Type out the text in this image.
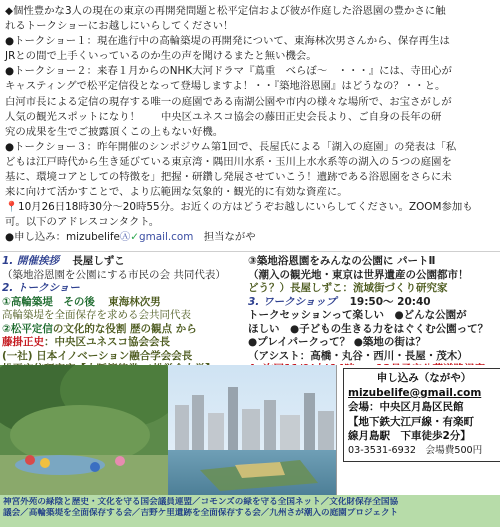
◆個性豊かな3人の現在の東京の再開発問題と松平定信および彼が作庭した浴恩園の豊かさに触

れるトークショーにお越しにいらしてください！

●トークショー１：現在進行中の高輪築堤の再開発について、東海林次男さんから、保存再生は

JRとの間で上手くいっているのか生の声を聞けるまたと無い機会。

●トークショー２：来春１月からのNHK大河ドラマ『蔦重　べらぼ～　・・・』には、寺田心が

キャスティングで松平定信役となって登場しますよ！・・『築地浴恩園』はどうなの？・・と。

白河市長による定信の現存する唯一の庭園である南湖公園や市内の様々な場所で、お宝さがしが

人気の観光スポットになり！　　中央区ユネスコ協会の藤田正史会長より、ご自身の長年の研

究の成果を生でご披露頂くこの上もない好機。

●トークショー３：昨年開催のシンポジウム第1回で、長屋氏による「湖入の庭園」の発表は「私

どもは江戸時代から生き延びている東京湾・隅田川水系・玉川上水水系等の湖入の５つの庭園を

基に、環境コアとしての特徴を」把握・研鑽し発展させていこう！遺跡である浴恩園をさらに未

来に向けて活かすことで、より広範囲な気象的・観光的に有効な資産に。

📍10月26日18時30分〜20時55分。お近くの方はどうぞお越しにいらしてください。ZOOM参加も

可。以下のアドレスコンタクト。

●申し込み：mizubelifeⒶ✓gmail.com　担当ながや

1. 開催挨拶 長屋しずこ
（築地浴恩園を公園にする市民の会 共同代表）
2. トークショー
①高輪築堤　その後 東海林次男
高輪築堤を全面保存を求める会共同代表
②松平定信の文化的な役割 歴の観点 から
藤掛正史：中央区ユネスコ協会会長
(一社) 日本イノベーション融合学会会長
③築地浴恩園をみんなの公園に パートⅡ
（潮入の観光地・東京は世界遺産の公園都市！
どう？）長屋しずこ：流域街づくり研究家
3. ワークショップ 19:50～ 20:40
トークセッションって楽しい　●どんな公園が
ほしい　●子どもの生きる力をはぐくむ公園って？
●プレイパークって？ ●築地の街は？
（アシスト：高橋・丸谷・西川・長屋・茂木）
申し込み（ながや）
mizubelife@gmail.com
会場：中央区月島区民館
【地下鉄大江戸線・有楽町
線月島駅　下車徒歩2分】
03-3531-6932　会場費500円
神宮外苑の緑陰と歴史・文化を守る国会議員連盟／コモンズの緑を守る全国ネット／文化財保存全国協
議会／高輪築堤を全面保存する会／吉野ケ里遺跡を全面保存する会／九州さが潮入の庭園プロジェクト
